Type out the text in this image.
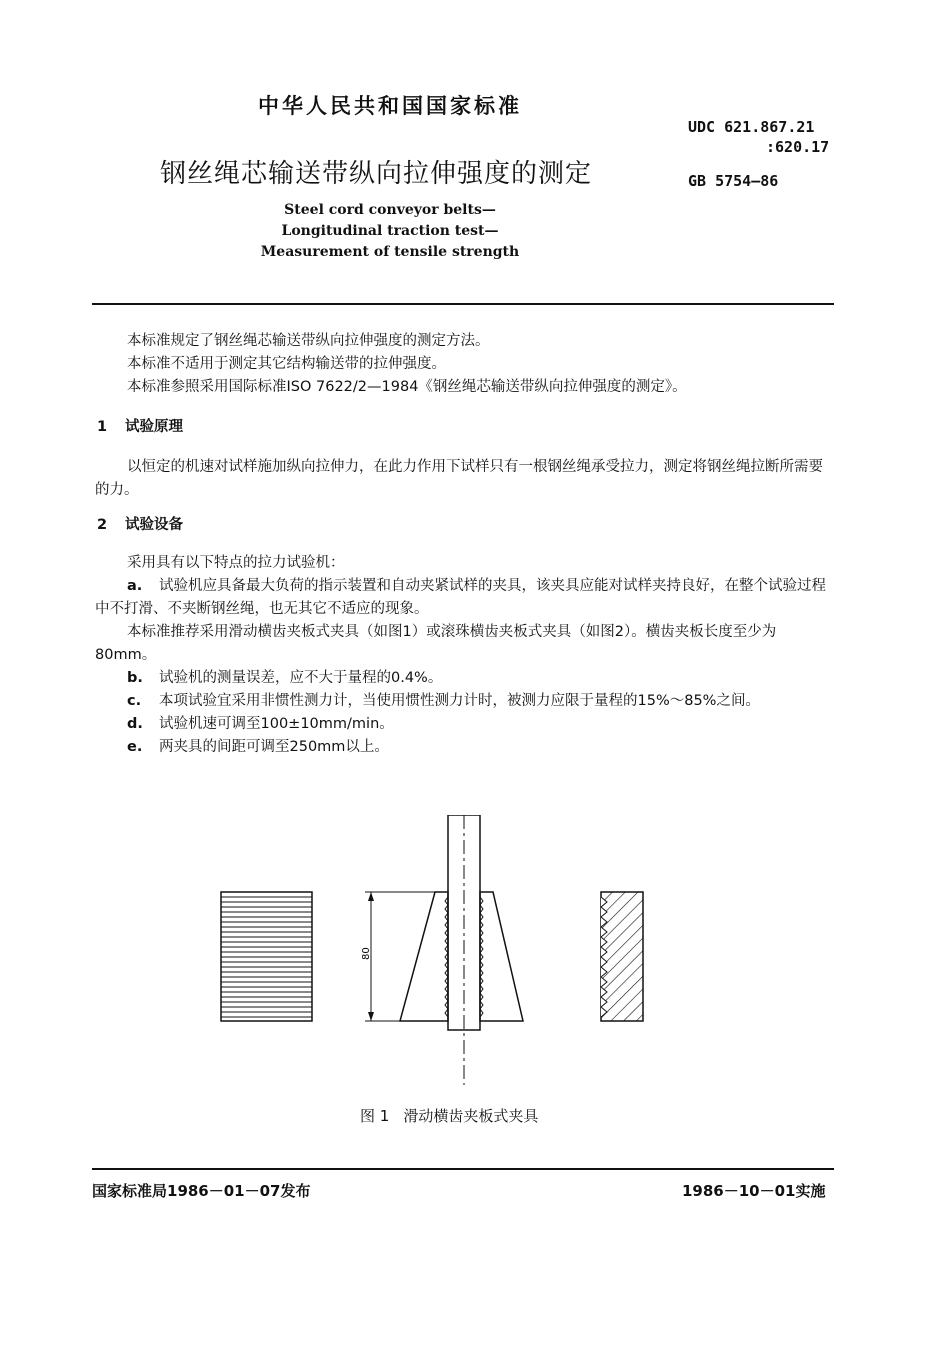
中华人民共和国国家标准
钢丝绳芯输送带纵向拉伸强度的测定
UDC 621.867.21
:620.17
GB 5754—86
Steel cord conveyor belts—
Longitudinal traction test—
Measurement of tensile strength
本标准规定了钢丝绳芯输送带纵向拉伸强度的测定方法。
本标准不适用于测定其它结构输送带的拉伸强度。
本标准参照采用国际标准ISO 7622/2—1984《钢丝绳芯输送带纵向拉伸强度的测定》。
1 试验原理
以恒定的机速对试样施加纵向拉伸力，在此力作用下试样只有一根钢丝绳承受拉力，测定将钢丝绳拉断所需要的力。
2 试验设备
采用具有以下特点的拉力试验机：
a. 试验机应具备最大负荷的指示装置和自动夹紧试样的夹具，该夹具应能对试样夹持良好，在整个试验过程中不打滑、不夹断钢丝绳，也无其它不适应的现象。
本标准推荐采用滑动横齿夹板式夹具（如图1）或滚珠横齿夹板式夹具（如图2）。横齿夹板长度至少为80mm。
b. 试验机的测量误差，应不大于量程的0.4%。
c. 本项试验宜采用非惯性测力计，当使用惯性测力计时，被测力应限于量程的15%～85%之间。
d. 试验机速可调至100±10mm/min。
e. 两夹具的间距可调至250mm以上。
80
图 1 滑动横齿夹板式夹具
国家标准局1986－01－07发布	1986－10－01实施
